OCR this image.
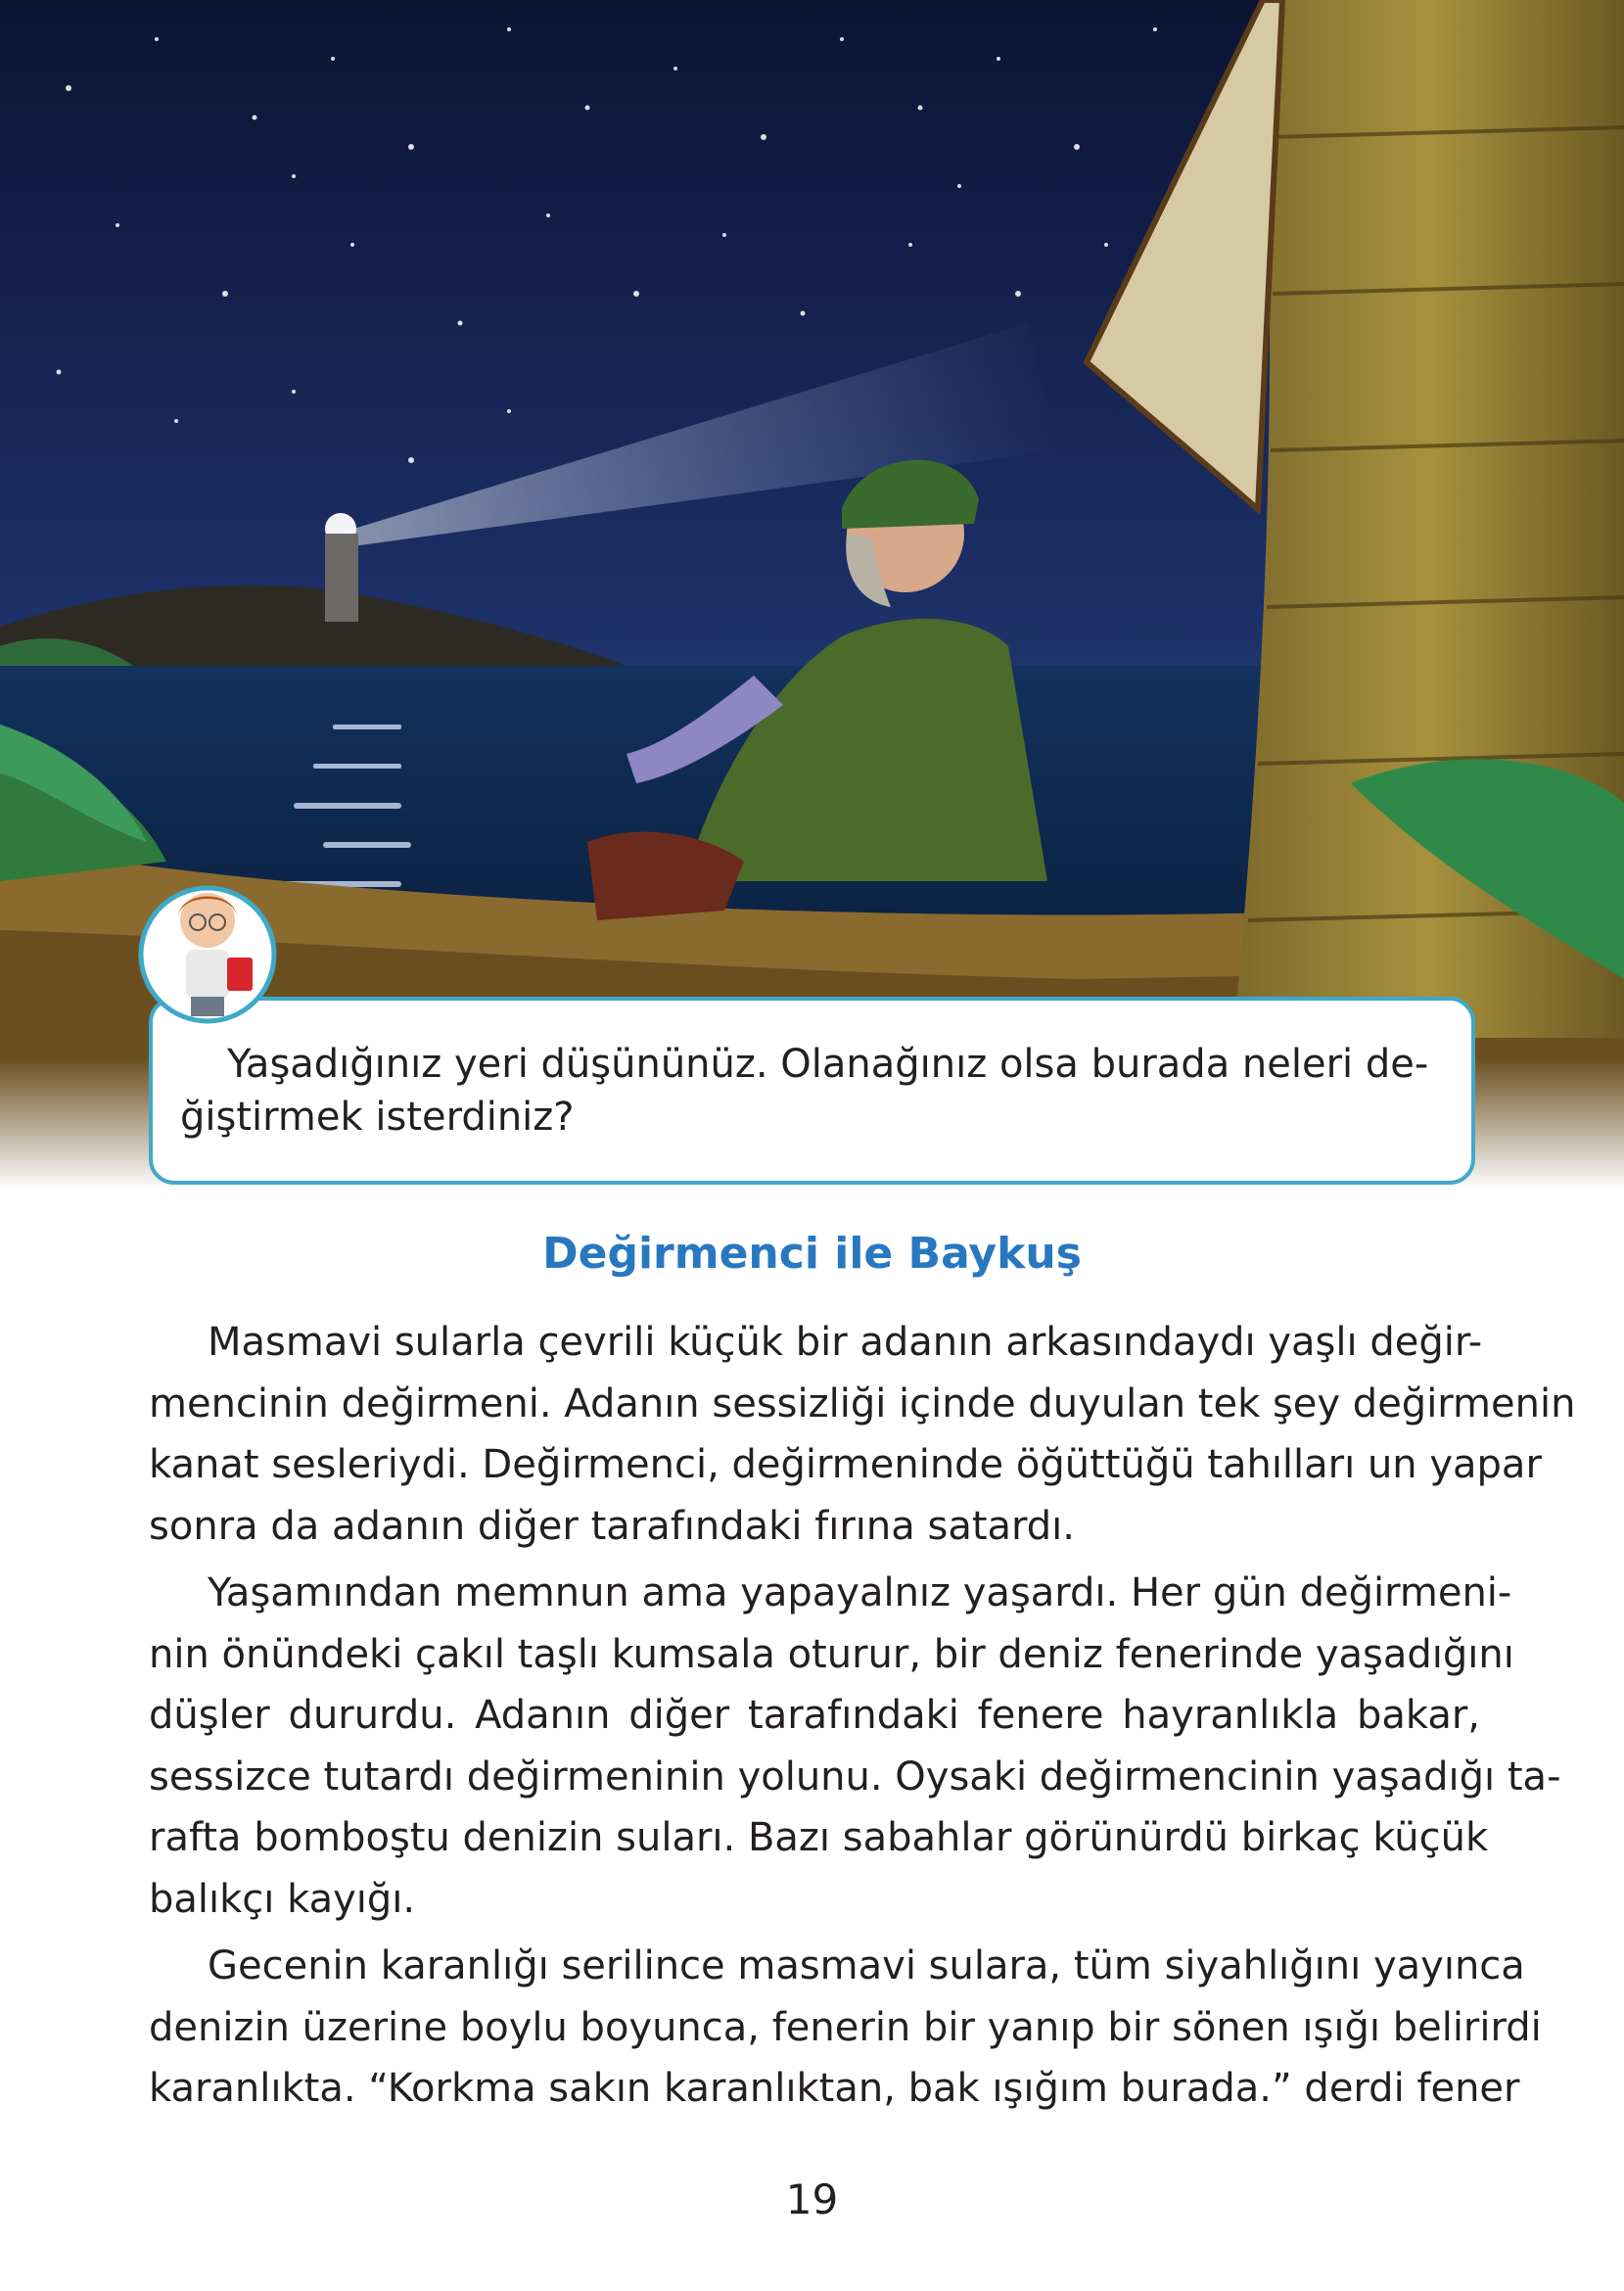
Yaşadığınız yeri düşününüz. Olanağınız olsa burada neleri de-
ğiştirmek isterdiniz?
Değirmenci ile Baykuş
Masmavi sularla çevrili küçük bir adanın arkasındaydı yaşlı değir-
mencinin değirmeni. Adanın sessizliği içinde duyulan tek şey değirmenin
kanat sesleriydi. Değirmenci, değirmeninde öğüttüğü tahılları un yapar
sonra da adanın diğer tarafındaki fırına satardı.
Yaşamından memnun ama yapayalnız yaşardı. Her gün değirmeni-
nin önündeki çakıl taşlı kumsala oturur, bir deniz fenerinde yaşadığını
düşler dururdu. Adanın diğer tarafındaki fenere hayranlıkla bakar,
sessizce tutardı değirmeninin yolunu. Oysaki değirmencinin yaşadığı ta-
rafta bomboştu denizin suları. Bazı sabahlar görünürdü birkaç küçük
balıkçı kayığı.
Gecenin karanlığı serilince masmavi sulara, tüm siyahlığını yayınca
denizin üzerine boylu boyunca, fenerin bir yanıp bir sönen ışığı belirirdi
karanlıkta. “Korkma sakın karanlıktan, bak ışığım burada.” derdi fener
19
